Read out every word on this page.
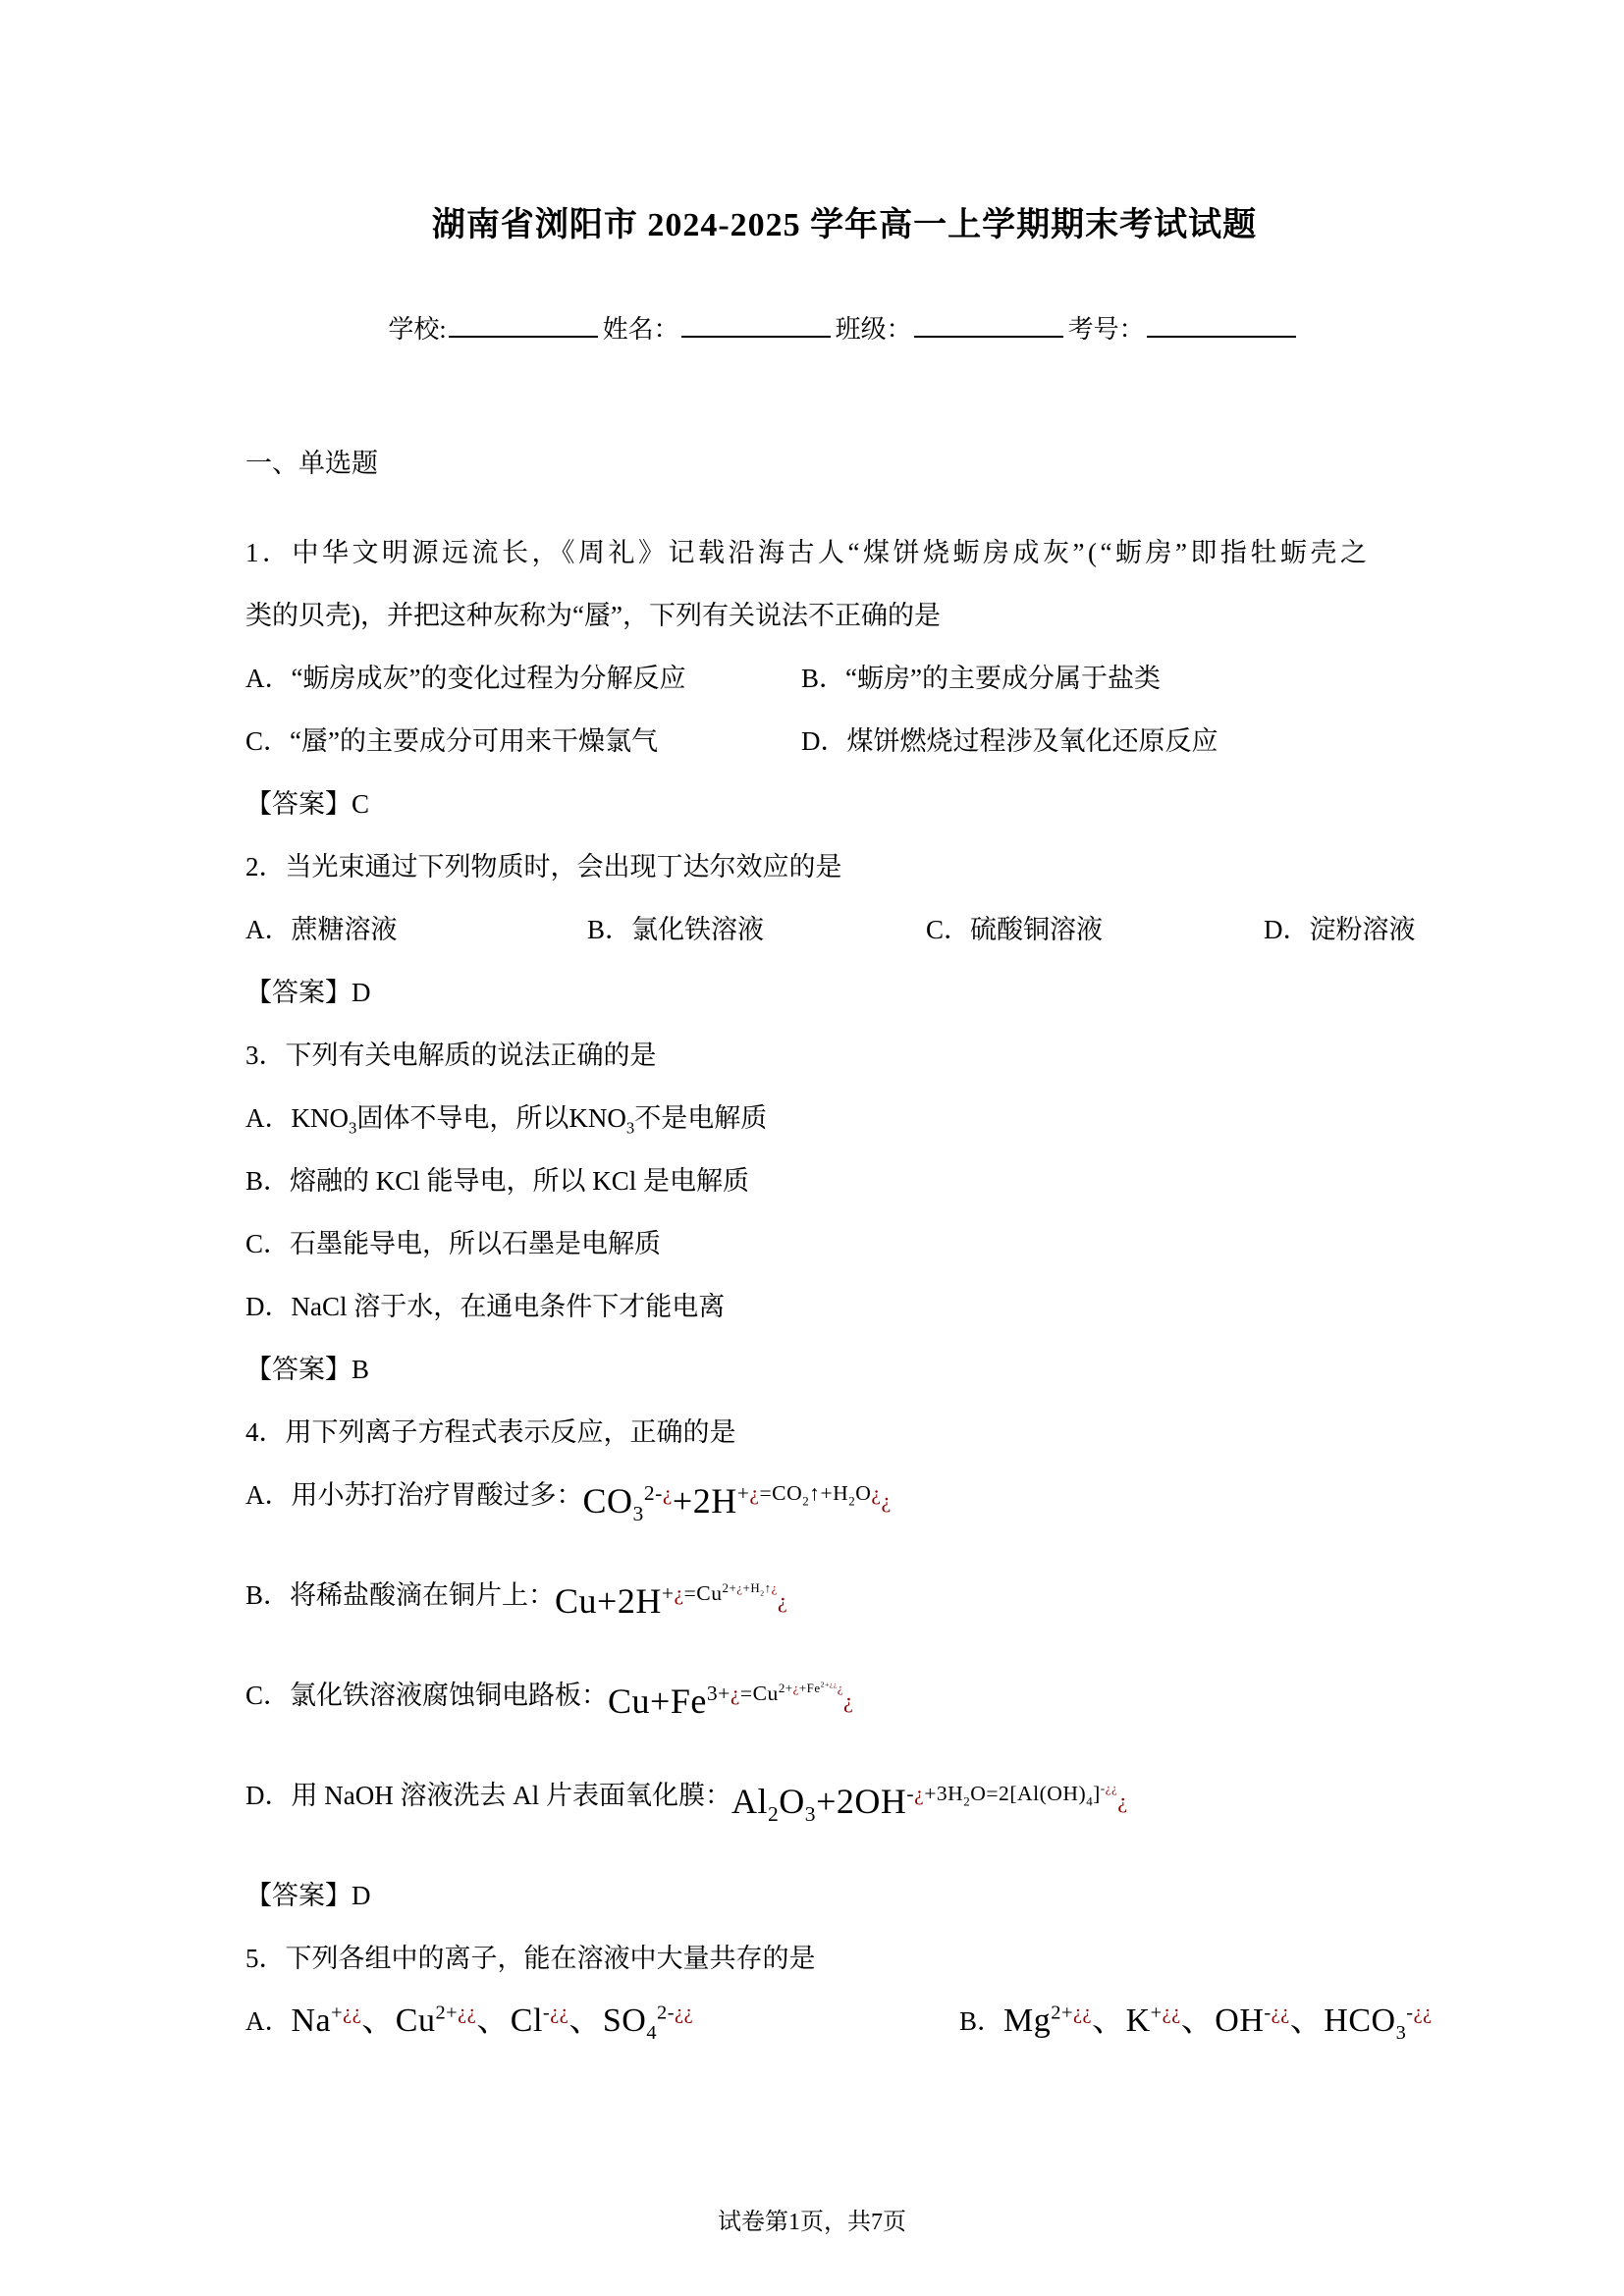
湖南省浏阳市 2024-2025 学年高一上学期期末考试试题
学校:	姓名：	班级：	考号：

一、单选题

1．中华文明源远流长，《周礼》记载沿海古人“煤饼烧蛎房成灰”(“蛎房”即指牡蛎壳之

类的贝壳)，并把这种灰称为“蜃”，下列有关说法不正确的是

A．“蛎房成灰”的变化过程为分解反应	B．“蛎房”的主要成分属于盐类

C．“蜃”的主要成分可用来干燥氯气	D．煤饼燃烧过程涉及氧化还原反应

【答案】C

2．当光束通过下列物质时，会出现丁达尔效应的是

A．蔗糖溶液	B．氯化铁溶液	C．硫酸铜溶液	D．淀粉溶液

【答案】D

3．下列有关电解质的说法正确的是

A．$KNO_3$固体不导电，所以$KNO_3$不是电解质

B．熔融的 KCl 能导电，所以 KCl 是电解质

C．石墨能导电，所以石墨是电解质

D．NaCl 溶于水，在通电条件下才能电离

【答案】B

4．用下列离子方程式表示反应，正确的是

A． 用小苏打治疗胃酸过多： $CO_3^{2-¿}+2H^{+¿=CO_2↑+H_2O¿}¿$
B． 将稀盐酸滴在铜片上： $Cu+2H^{+¿=Cu^{2+¿+H_2↑¿}}¿$
C． 氯化铁溶液腐蚀铜电路板： $Cu+Fe^{3+¿=Cu^{2+¿+Fe^{2+¿¿}¿}}¿$
D． 用 NaOH 溶液洗去 Al 片表面氧化膜： $Al_2O_3+2OH^{-¿+3H_2O=2[Al(OH)_4]^{-¿¿}}¿$

【答案】D

5．下列各组中的离子，能在溶液中大量共存的是

A． Na+¿¿、$Cu^{2+¿¿}$、Cl-¿¿、$SO_4^{2-¿¿}$	B． $Mg^{2+¿¿}$、K+¿¿、OH-¿¿、$HCO_3^{-¿¿}$
试卷第1页，共7页
